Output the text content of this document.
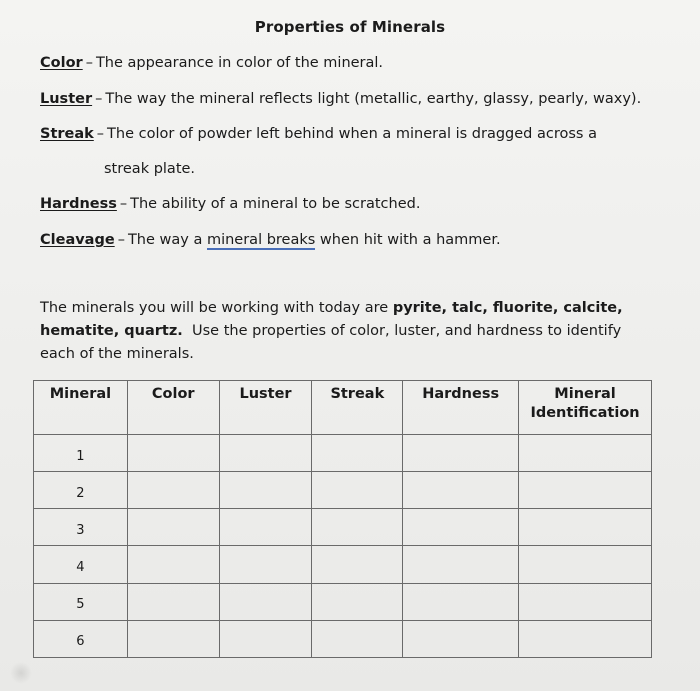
Properties of Minerals
Color – The appearance in color of the mineral.
Luster – The way the mineral reflects light (metallic, earthy, glassy, pearly, waxy).
Streak – The color of powder left behind when a mineral is dragged across a
streak plate.
Hardness – The ability of a mineral to be scratched.
Cleavage – The way a mineral breaks when hit with a hammer.
The minerals you will be working with today are pyrite, talc, fluorite, calcite,
hematite, quartz.  Use the properties of color, luster, and hardness to identify
each of the minerals.
Mineral	Color	Luster	Streak	Hardness	Mineral
Identification

1					
2					
3					
4					
5					
6					
